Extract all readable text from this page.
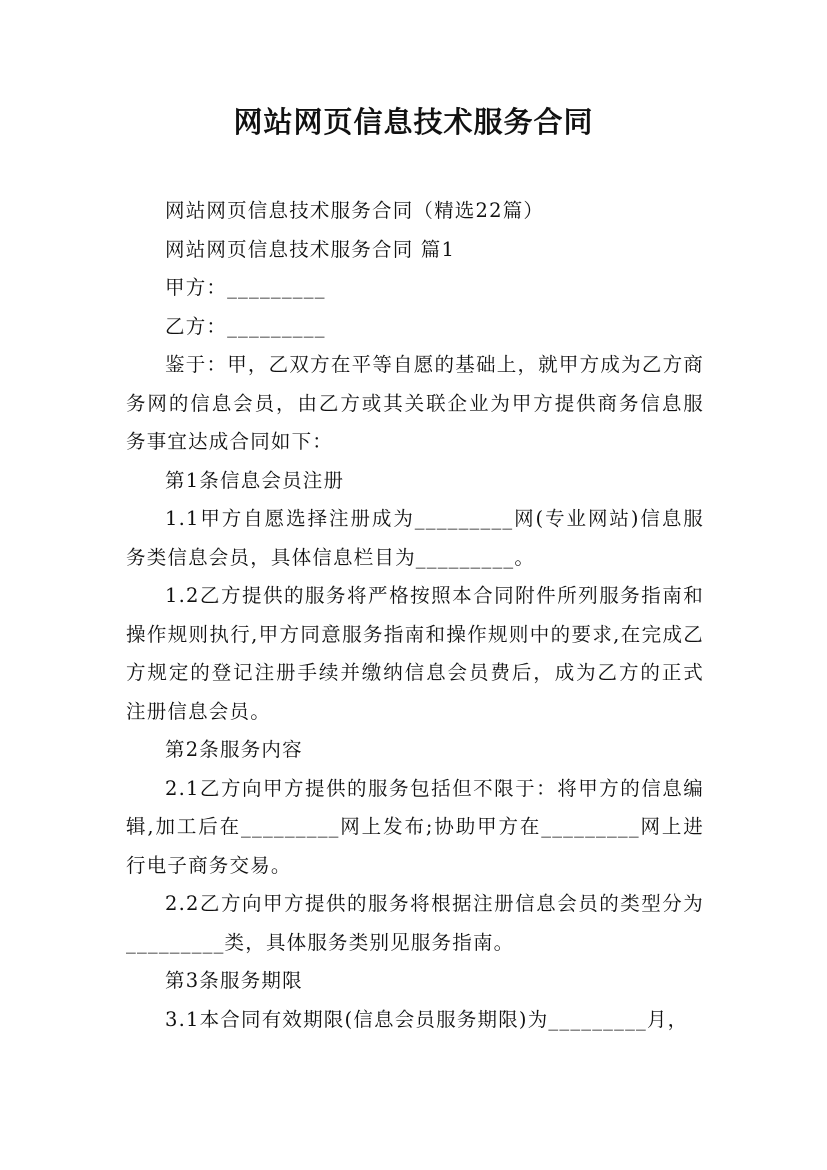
网站网页信息技术服务合同

网站网页信息技术服务合同（精选22篇）

网站网页信息技术服务合同 篇1

甲方：_________

乙方：_________

鉴于：甲，乙双方在平等自愿的基础上，就甲方成为乙方商务网的信息会员，由乙方或其关联企业为甲方提供商务信息服务事宜达成合同如下：

第1条信息会员注册

1.1甲方自愿选择注册成为_________网(专业网站)信息服务类信息会员，具体信息栏目为_________。

1.2乙方提供的服务将严格按照本合同附件所列服务指南和操作规则执行,甲方同意服务指南和操作规则中的要求,在完成乙方规定的登记注册手续并缴纳信息会员费后，成为乙方的正式注册信息会员。

第2条服务内容

2.1乙方向甲方提供的服务包括但不限于：将甲方的信息编辑,加工后在_________网上发布;协助甲方在_________网上进行电子商务交易。

2.2乙方向甲方提供的服务将根据注册信息会员的类型分为_________类，具体服务类别见服务指南。

第3条服务期限

3.1本合同有效期限(信息会员服务期限)为_________月，
